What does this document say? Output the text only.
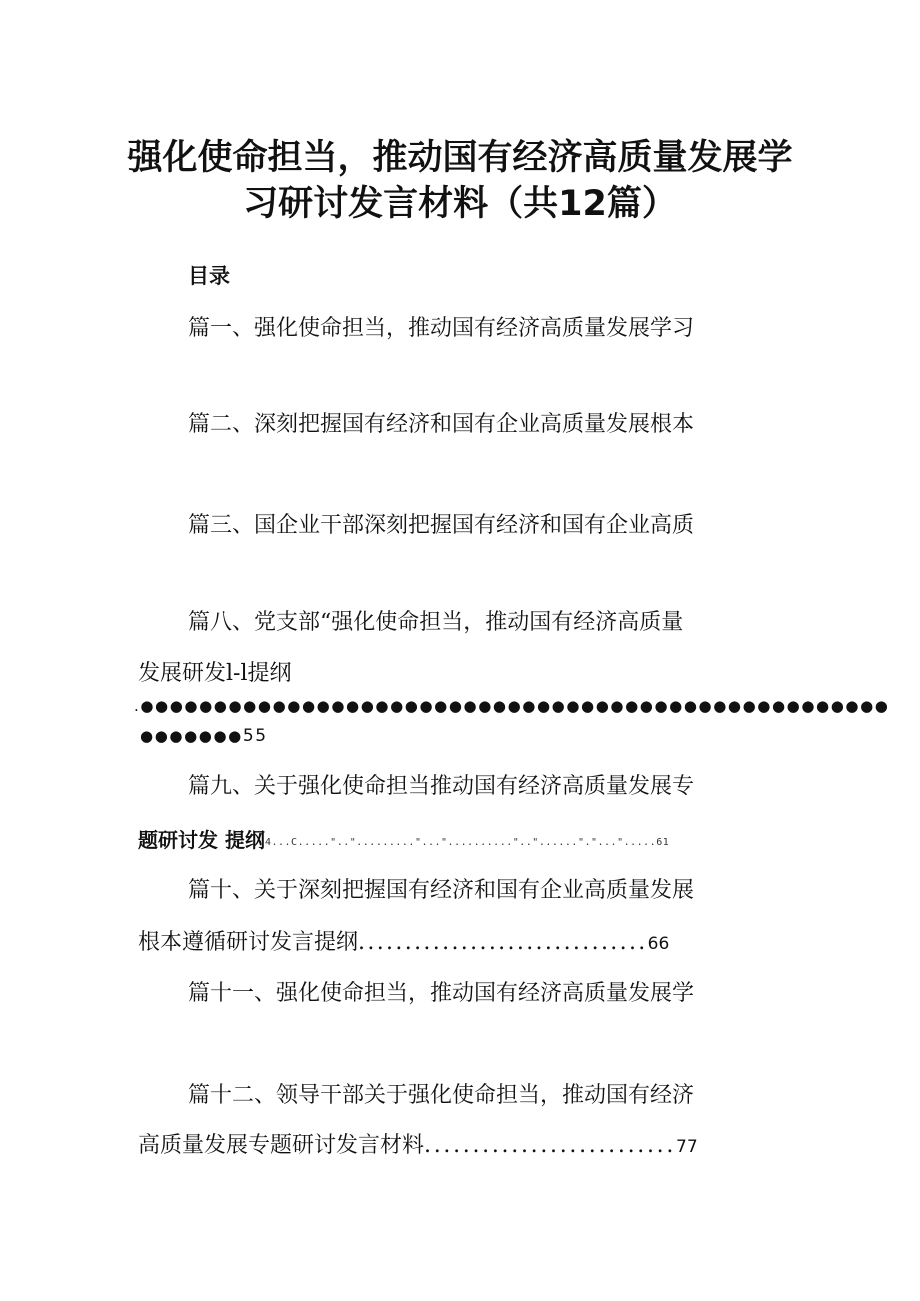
强化使命担当，推动国有经济高质量发展学
习研讨发言材料（共12篇）
目录
篇一、强化使命担当，推动国有经济高质量发展学习
篇二、深刻把握国有经济和国有企业高质量发展根本
篇三、国企业干部深刻把握国有经济和国有企业高质
篇八、党支部“强化使命担当，推动国有经济高质量
发展研发l-l提纲
.●●●●●●●●●●●●●●●●●●●●●●●●●●●●●●●●●●●●●●●●●●●●●●●●●●●
●●●●●●●55
篇九、关于强化使命担当推动国有经济高质量发展专
题研讨发 提纲4...C.....".."........."..."..........".."......"."...".....61
篇十、关于深刻把握国有经济和国有企业高质量发展
根本遵循研讨发言提纲...............................66
篇十一、强化使命担当，推动国有经济高质量发展学
篇十二、领导干部关于强化使命担当，推动国有经济
高质量发展专题研讨发言材料..........................77
